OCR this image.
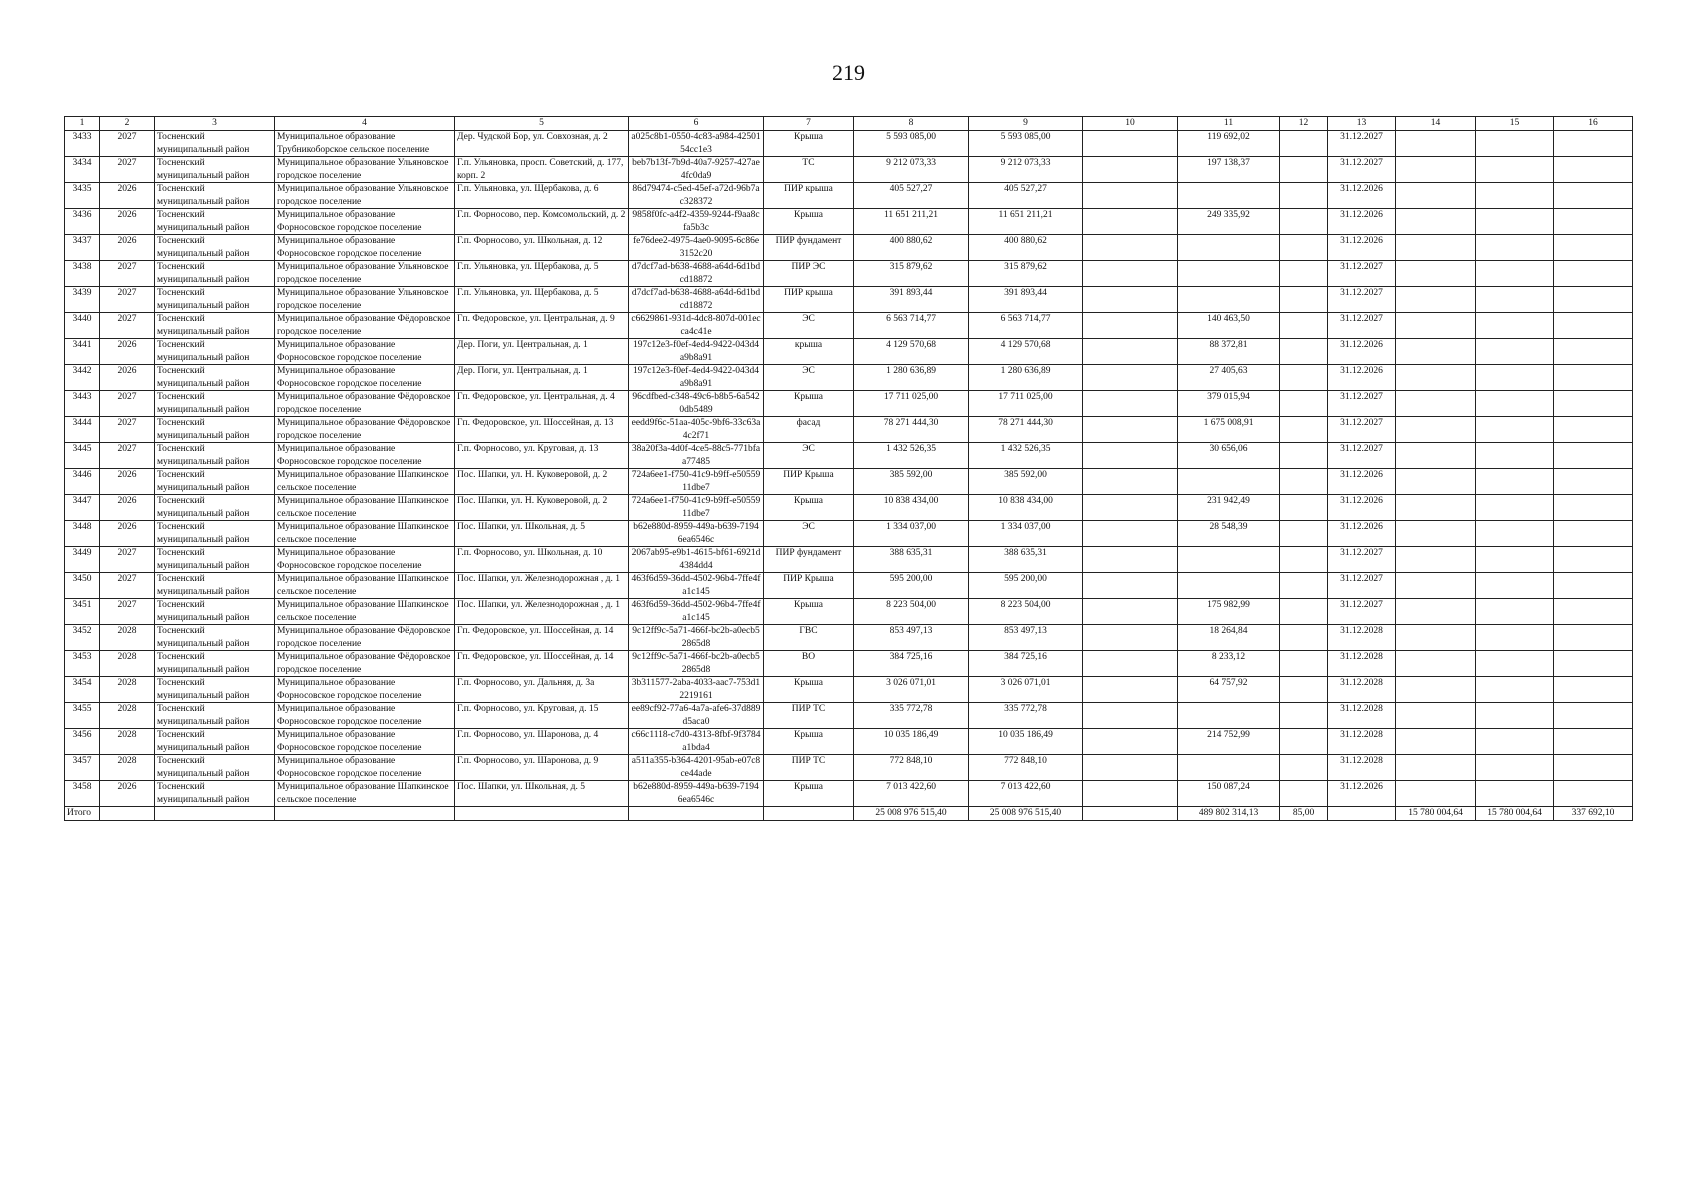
219
1	2	3	4	5	6	7	8	9	10	11	12	13	14	15	16
3433	2027	Тосненский муниципальный район	Муниципальное образование Трубникоборское сельское поселение	Дер. Чудской Бор, ул. Совхозная, д. 2	a025c8b1-0550-4c83-a984-4250154cc1e3	Крыша	5 593 085,00	5 593 085,00		119 692,02		31.12.2027			
3434	2027	Тосненский муниципальный район	Муниципальное образование Ульяновское городское поселение	Г.п. Ульяновка, просп. Советский, д. 177, корп. 2	beb7b13f-7b9d-40a7-9257-427ae4fc0da9	ТС	9 212 073,33	9 212 073,33		197 138,37		31.12.2027			
3435	2026	Тосненский муниципальный район	Муниципальное образование Ульяновское городское поселение	Г.п. Ульяновка, ул. Щербакова, д. 6	86d79474-c5ed-45ef-a72d-96b7ac328372	ПИР крыша	405 527,27	405 527,27				31.12.2026			
3436	2026	Тосненский муниципальный район	Муниципальное образование Форносовское городское поселение	Г.п. Форносово, пер. Комсомольский, д. 2	9858f0fc-a4f2-4359-9244-f9aa8cfa5b3c	Крыша	11 651 211,21	11 651 211,21		249 335,92		31.12.2026			
3437	2026	Тосненский муниципальный район	Муниципальное образование Форносовское городское поселение	Г.п. Форносово, ул. Школьная, д. 12	fe76dee2-4975-4ae0-9095-6c86e3152c20	ПИР фундамент	400 880,62	400 880,62				31.12.2026			
3438	2027	Тосненский муниципальный район	Муниципальное образование Ульяновское городское поселение	Г.п. Ульяновка, ул. Щербакова, д. 5	d7dcf7ad-b638-4688-a64d-6d1bdcd18872	ПИР ЭС	315 879,62	315 879,62				31.12.2027			
3439	2027	Тосненский муниципальный район	Муниципальное образование Ульяновское городское поселение	Г.п. Ульяновка, ул. Щербакова, д. 5	d7dcf7ad-b638-4688-a64d-6d1bdcd18872	ПИР крыша	391 893,44	391 893,44				31.12.2027			
3440	2027	Тосненский муниципальный район	Муниципальное образование Фёдоровское городское поселение	Гп. Федоровское, ул. Центральная, д. 9	c6629861-931d-4dc8-807d-001ecca4c41e	ЭС	6 563 714,77	6 563 714,77		140 463,50		31.12.2027			
3441	2026	Тосненский муниципальный район	Муниципальное образование Форносовское городское поселение	Дер. Поги, ул. Центральная, д. 1	197c12e3-f0ef-4ed4-9422-043d4a9b8a91	крыша	4 129 570,68	4 129 570,68		88 372,81		31.12.2026			
3442	2026	Тосненский муниципальный район	Муниципальное образование Форносовское городское поселение	Дер. Поги, ул. Центральная, д. 1	197c12e3-f0ef-4ed4-9422-043d4a9b8a91	ЭС	1 280 636,89	1 280 636,89		27 405,63		31.12.2026			
3443	2027	Тосненский муниципальный район	Муниципальное образование Фёдоровское городское поселение	Гп. Федоровское, ул. Центральная, д. 4	96cdfbed-c348-49c6-b8b5-6a5420db5489	Крыша	17 711 025,00	17 711 025,00		379 015,94		31.12.2027			
3444	2027	Тосненский муниципальный район	Муниципальное образование Фёдоровское городское поселение	Гп. Федоровское, ул. Шоссейная, д. 13	eedd9f6c-51aa-405c-9bf6-33c63a4c2f71	фасад	78 271 444,30	78 271 444,30		1 675 008,91		31.12.2027			
3445	2027	Тосненский муниципальный район	Муниципальное образование Форносовское городское поселение	Г.п. Форносово, ул. Круговая, д. 13	38a20f3a-4d0f-4ce5-88c5-771bfaa77485	ЭС	1 432 526,35	1 432 526,35		30 656,06		31.12.2027			
3446	2026	Тосненский муниципальный район	Муниципальное образование Шапкинское сельское поселение	Пос. Шапки, ул. Н. Куковеровой, д. 2	724a6ee1-f750-41c9-b9ff-e5055911dbe7	ПИР Крыша	385 592,00	385 592,00				31.12.2026			
3447	2026	Тосненский муниципальный район	Муниципальное образование Шапкинское сельское поселение	Пос. Шапки, ул. Н. Куковеровой, д. 2	724a6ee1-f750-41c9-b9ff-e5055911dbe7	Крыша	10 838 434,00	10 838 434,00		231 942,49		31.12.2026			
3448	2026	Тосненский муниципальный район	Муниципальное образование Шапкинское сельское поселение	Пос. Шапки, ул. Школьная, д. 5	b62e880d-8959-449a-b639-71946ea6546c	ЭС	1 334 037,00	1 334 037,00		28 548,39		31.12.2026			
3449	2027	Тосненский муниципальный район	Муниципальное образование Форносовское городское поселение	Г.п. Форносово, ул. Школьная, д. 10	2067ab95-e9b1-4615-bf61-6921d4384dd4	ПИР фундамент	388 635,31	388 635,31				31.12.2027			
3450	2027	Тосненский муниципальный район	Муниципальное образование Шапкинское сельское поселение	Пос. Шапки, ул. Железнодорожная , д. 1	463f6d59-36dd-4502-96b4-7ffe4fa1c145	ПИР Крыша	595 200,00	595 200,00				31.12.2027			
3451	2027	Тосненский муниципальный район	Муниципальное образование Шапкинское сельское поселение	Пос. Шапки, ул. Железнодорожная , д. 1	463f6d59-36dd-4502-96b4-7ffe4fa1c145	Крыша	8 223 504,00	8 223 504,00		175 982,99		31.12.2027			
3452	2028	Тосненский муниципальный район	Муниципальное образование Фёдоровское городское поселение	Гп. Федоровское, ул. Шоссейная, д. 14	9c12ff9c-5a71-466f-bc2b-a0ecb52865d8	ГВС	853 497,13	853 497,13		18 264,84		31.12.2028			
3453	2028	Тосненский муниципальный район	Муниципальное образование Фёдоровское городское поселение	Гп. Федоровское, ул. Шоссейная, д. 14	9c12ff9c-5a71-466f-bc2b-a0ecb52865d8	ВО	384 725,16	384 725,16		8 233,12		31.12.2028			
3454	2028	Тосненский муниципальный район	Муниципальное образование Форносовское городское поселение	Г.п. Форносово, ул. Дальняя, д. 3а	3b311577-2aba-4033-aac7-753d12219161	Крыша	3 026 071,01	3 026 071,01		64 757,92		31.12.2028			
3455	2028	Тосненский муниципальный район	Муниципальное образование Форносовское городское поселение	Г.п. Форносово, ул. Круговая, д. 15	ee89cf92-77a6-4a7a-afe6-37d889d5aca0	ПИР ТС	335 772,78	335 772,78				31.12.2028			
3456	2028	Тосненский муниципальный район	Муниципальное образование Форносовское городское поселение	Г.п. Форносово, ул. Шаронова, д. 4	c66c1118-c7d0-4313-8fbf-9f3784a1bda4	Крыша	10 035 186,49	10 035 186,49		214 752,99		31.12.2028			
3457	2028	Тосненский муниципальный район	Муниципальное образование Форносовское городское поселение	Г.п. Форносово, ул. Шаронова, д. 9	a511a355-b364-4201-95ab-e07c8ce44ade	ПИР ТС	772 848,10	772 848,10				31.12.2028			
3458	2026	Тосненский муниципальный район	Муниципальное образование Шапкинское сельское поселение	Пос. Шапки, ул. Школьная, д. 5	b62e880d-8959-449a-b639-71946ea6546c	Крыша	7 013 422,60	7 013 422,60		150 087,24		31.12.2026			
Итого							25 008 976 515,40	25 008 976 515,40		489 802 314,13	85,00		15 780 004,64	15 780 004,64	337 692,10
